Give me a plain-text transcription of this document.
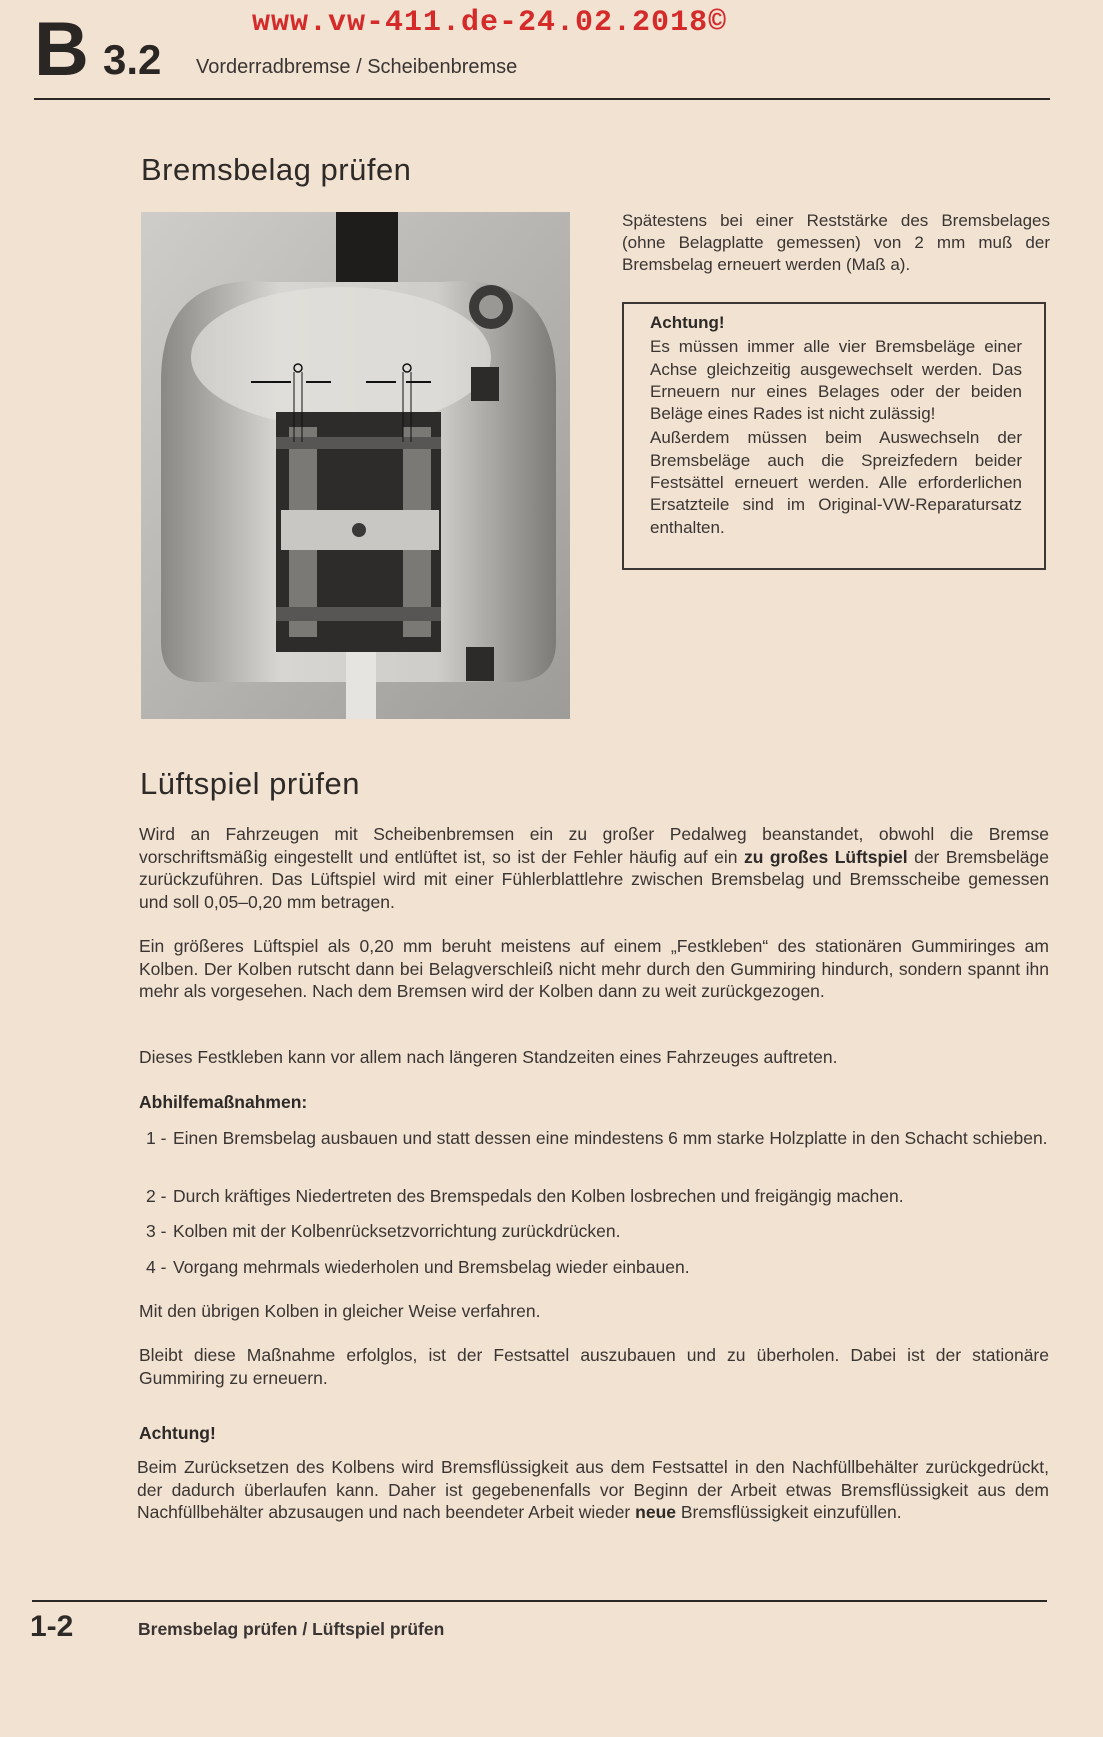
www.vw-411.de-24.02.2018©
B 3.2 Vorderradbremse / Scheibenbremse
Bremsbelag prüfen
Spätestens bei einer Reststärke des Bremsbelages (ohne Belagplatte gemessen) von 2 mm muß der Bremsbelag erneuert werden (Maß a).

Achtung!

Es müssen immer alle vier Bremsbeläge einer Achse gleichzeitig ausgewechselt werden. Das Erneuern nur eines Belages oder der beiden Beläge eines Rades ist nicht zulässig!

Außerdem müssen beim Auswechseln der Bremsbeläge auch die Spreizfedern beider Festsättel erneuert werden. Alle erforderlichen Ersatzteile sind im Original-VW-Reparatursatz enthalten.

Lüftspiel prüfen

Wird an Fahrzeugen mit Scheibenbremsen ein zu großer Pedalweg beanstandet, obwohl die Bremse vorschriftsmäßig eingestellt und entlüftet ist, so ist der Fehler häufig auf ein zu großes Lüftspiel der Bremsbeläge zurückzuführen. Das Lüftspiel wird mit einer Fühlerblattlehre zwischen Bremsbelag und Bremsscheibe gemessen und soll 0,05–0,20 mm betragen.

Ein größeres Lüftspiel als 0,20 mm beruht meistens auf einem „Festkleben“ des stationären Gummiringes am Kolben. Der Kolben rutscht dann bei Belagverschleiß nicht mehr durch den Gummiring hindurch, sondern spannt ihn mehr als vorgesehen. Nach dem Bremsen wird der Kolben dann zu weit zurückgezogen.

Dieses Festkleben kann vor allem nach längeren Standzeiten eines Fahrzeuges auftreten.

Abhilfemaßnahmen:
1 - Einen Bremsbelag ausbauen und statt dessen eine mindestens 6 mm starke Holzplatte in den Schacht schieben.
2 - Durch kräftiges Niedertreten des Bremspedals den Kolben losbrechen und freigängig machen.
3 - Kolben mit der Kolbenrücksetzvorrichtung zurückdrücken.
4 - Vorgang mehrmals wiederholen und Bremsbelag wieder einbauen.

Mit den übrigen Kolben in gleicher Weise verfahren.

Bleibt diese Maßnahme erfolglos, ist der Festsattel auszubauen und zu überholen. Dabei ist der stationäre Gummiring zu erneuern.

Achtung!

Beim Zurücksetzen des Kolbens wird Bremsflüssigkeit aus dem Festsattel in den Nachfüllbehälter zurückgedrückt, der dadurch überlaufen kann. Daher ist gegebenenfalls vor Beginn der Arbeit etwas Bremsflüssigkeit aus dem Nachfüllbehälter abzusaugen und nach beendeter Arbeit wieder neue Bremsflüssigkeit einzufüllen.

1-2	Bremsbelag prüfen / Lüftspiel prüfen
